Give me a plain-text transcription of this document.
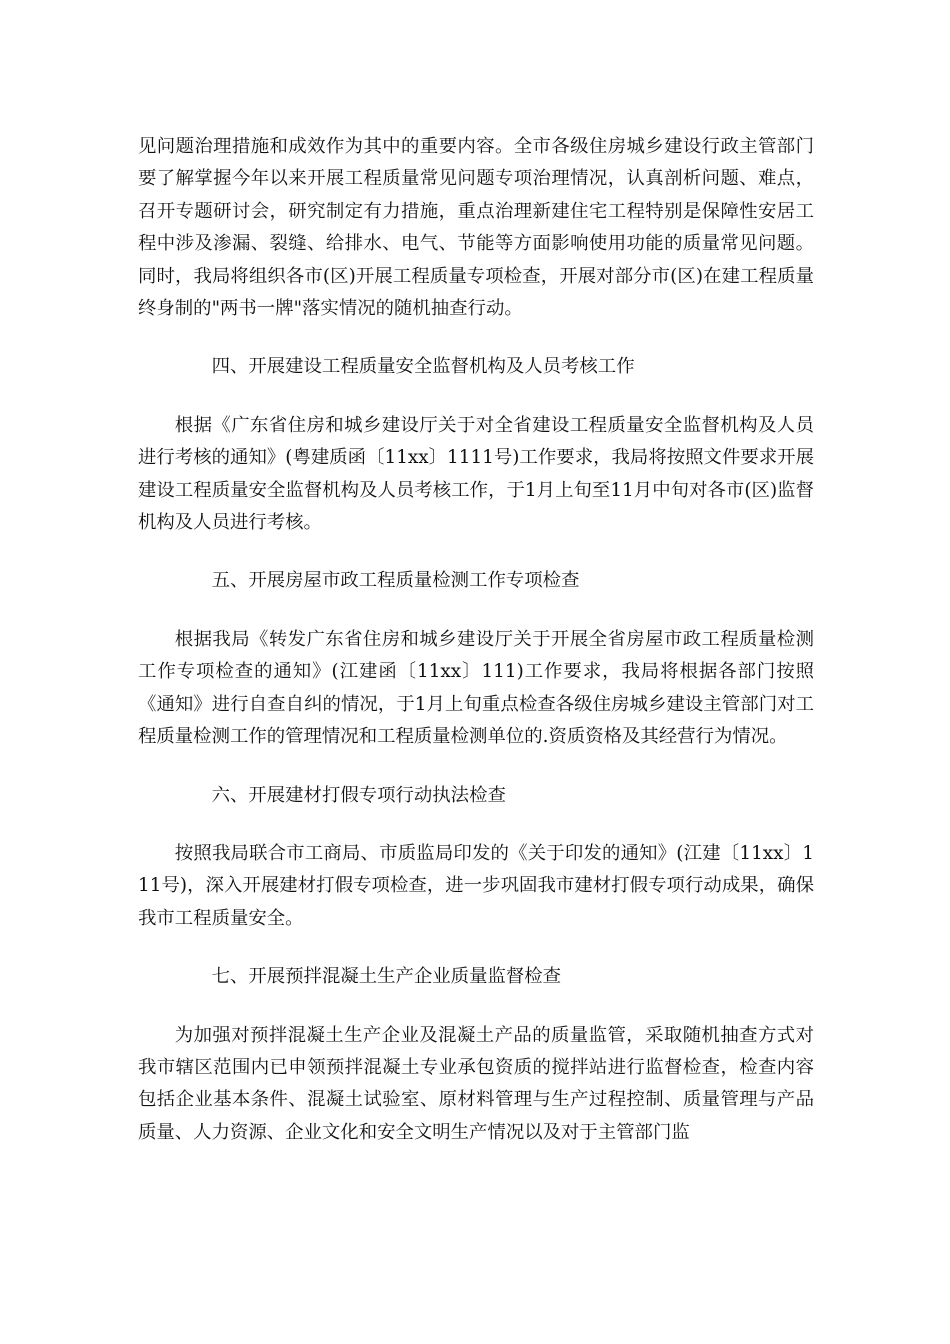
见问题治理措施和成效作为其中的重要内容。全市各级住房城乡建设行政主管部门要了解掌握今年以来开展工程质量常见问题专项治理情况，认真剖析问题、难点，召开专题研讨会，研究制定有力措施，重点治理新建住宅工程特别是保障性安居工程中涉及渗漏、裂缝、给排水、电气、节能等方面影响使用功能的质量常见问题。同时，我局将组织各市(区)开展工程质量专项检查，开展对部分市(区)在建工程质量终身制的"两书一牌"落实情况的随机抽查行动。

四、开展建设工程质量安全监督机构及人员考核工作

根据《广东省住房和城乡建设厅关于对全省建设工程质量安全监督机构及人员进行考核的通知》(粤建质函〔11xx〕1111号)工作要求，我局将按照文件要求开展建设工程质量安全监督机构及人员考核工作，于1月上旬至11月中旬对各市(区)监督机构及人员进行考核。

五、开展房屋市政工程质量检测工作专项检查

根据我局《转发广东省住房和城乡建设厅关于开展全省房屋市政工程质量检测工作专项检查的通知》(江建函〔11xx〕111)工作要求，我局将根据各部门按照《通知》进行自查自纠的情况，于1月上旬重点检查各级住房城乡建设主管部门对工程质量检测工作的管理情况和工程质量检测单位的.资质资格及其经营行为情况。

六、开展建材打假专项行动执法检查

按照我局联合市工商局、市质监局印发的《关于印发的通知》(江建〔11xx〕111号)，深入开展建材打假专项检查，进一步巩固我市建材打假专项行动成果，确保我市工程质量安全。

七、开展预拌混凝土生产企业质量监督检查

为加强对预拌混凝土生产企业及混凝土产品的质量监管，采取随机抽查方式对我市辖区范围内已申领预拌混凝土专业承包资质的搅拌站进行监督检查，检查内容包括企业基本条件、混凝土试验室、原材料管理与生产过程控制、质量管理与产品质量、人力资源、企业文化和安全文明生产情况以及对于主管部门监
